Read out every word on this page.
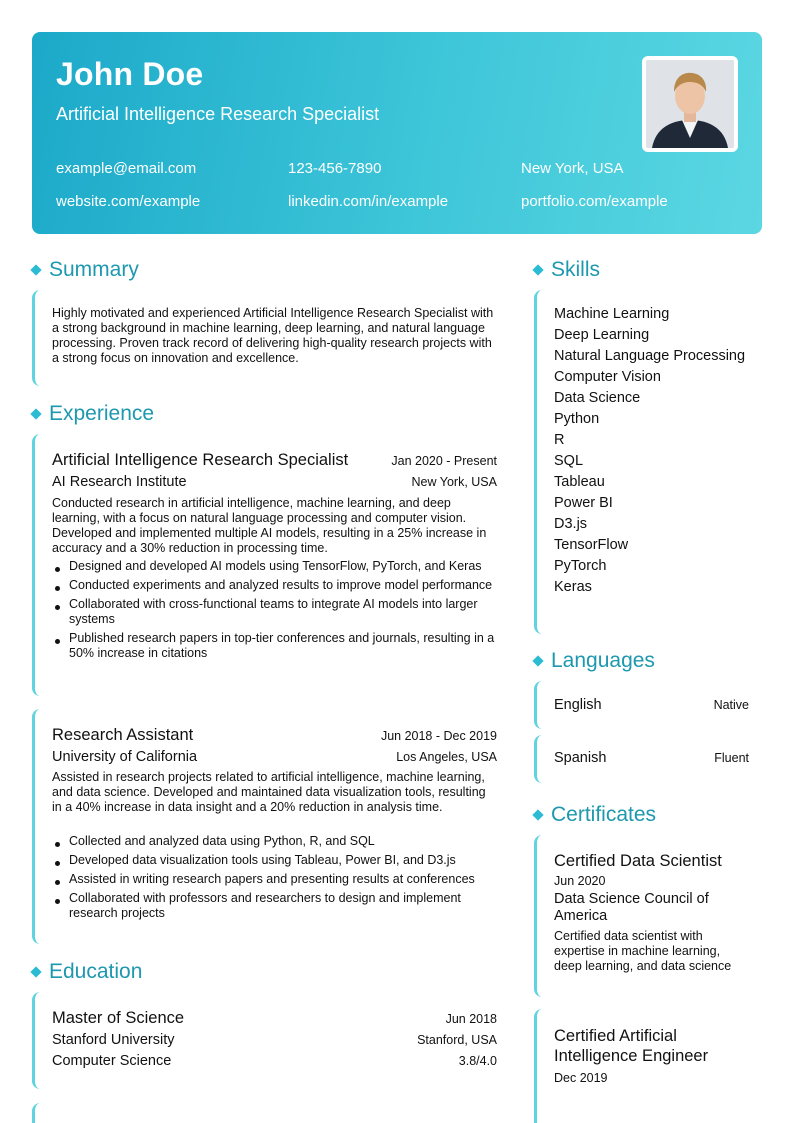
John Doe
Artificial Intelligence Research Specialist
example@email.com	123-456-7890	New York, USA
website.com/example	linkedin.com/in/example	portfolio.com/example
Summary
Highly motivated and experienced Artificial Intelligence Research Specialist with a strong background in machine learning, deep learning, and natural language processing. Proven track record of delivering high-quality research projects with a strong focus on innovation and excellence.
Experience
Artificial Intelligence Research Specialist	Jan 2020 - Present
AI Research Institute	New York, USA
Conducted research in artificial intelligence, machine learning, and deep learning, with a focus on natural language processing and computer vision. Developed and implemented multiple AI models, resulting in a 25% increase in accuracy and a 30% reduction in processing time.
Designed and developed AI models using TensorFlow, PyTorch, and Keras
Conducted experiments and analyzed results to improve model performance
Collaborated with cross-functional teams to integrate AI models into larger systems
Published research papers in top-tier conferences and journals, resulting in a 50% increase in citations
Research Assistant	Jun 2018 - Dec 2019
University of California	Los Angeles, USA
Assisted in research projects related to artificial intelligence, machine learning, and data science. Developed and maintained data visualization tools, resulting in a 40% increase in data insight and a 20% reduction in analysis time.
Collected and analyzed data using Python, R, and SQL
Developed data visualization tools using Tableau, Power BI, and D3.js
Assisted in writing research papers and presenting results at conferences
Collaborated with professors and researchers to design and implement research projects
Education
Master of Science	Jun 2018
Stanford University	Stanford, USA
Computer Science	3.8/4.0
Skills
Machine Learning
Deep Learning
Natural Language Processing
Computer Vision
Data Science
Python
R
SQL
Tableau
Power BI
D3.js
TensorFlow
PyTorch
Keras
Languages
English	Native
Spanish	Fluent
Certificates
Certified Data Scientist
Jun 2020
Data Science Council of America
Certified data scientist with expertise in machine learning, deep learning, and data science
Certified Artificial Intelligence Engineer
Dec 2019
